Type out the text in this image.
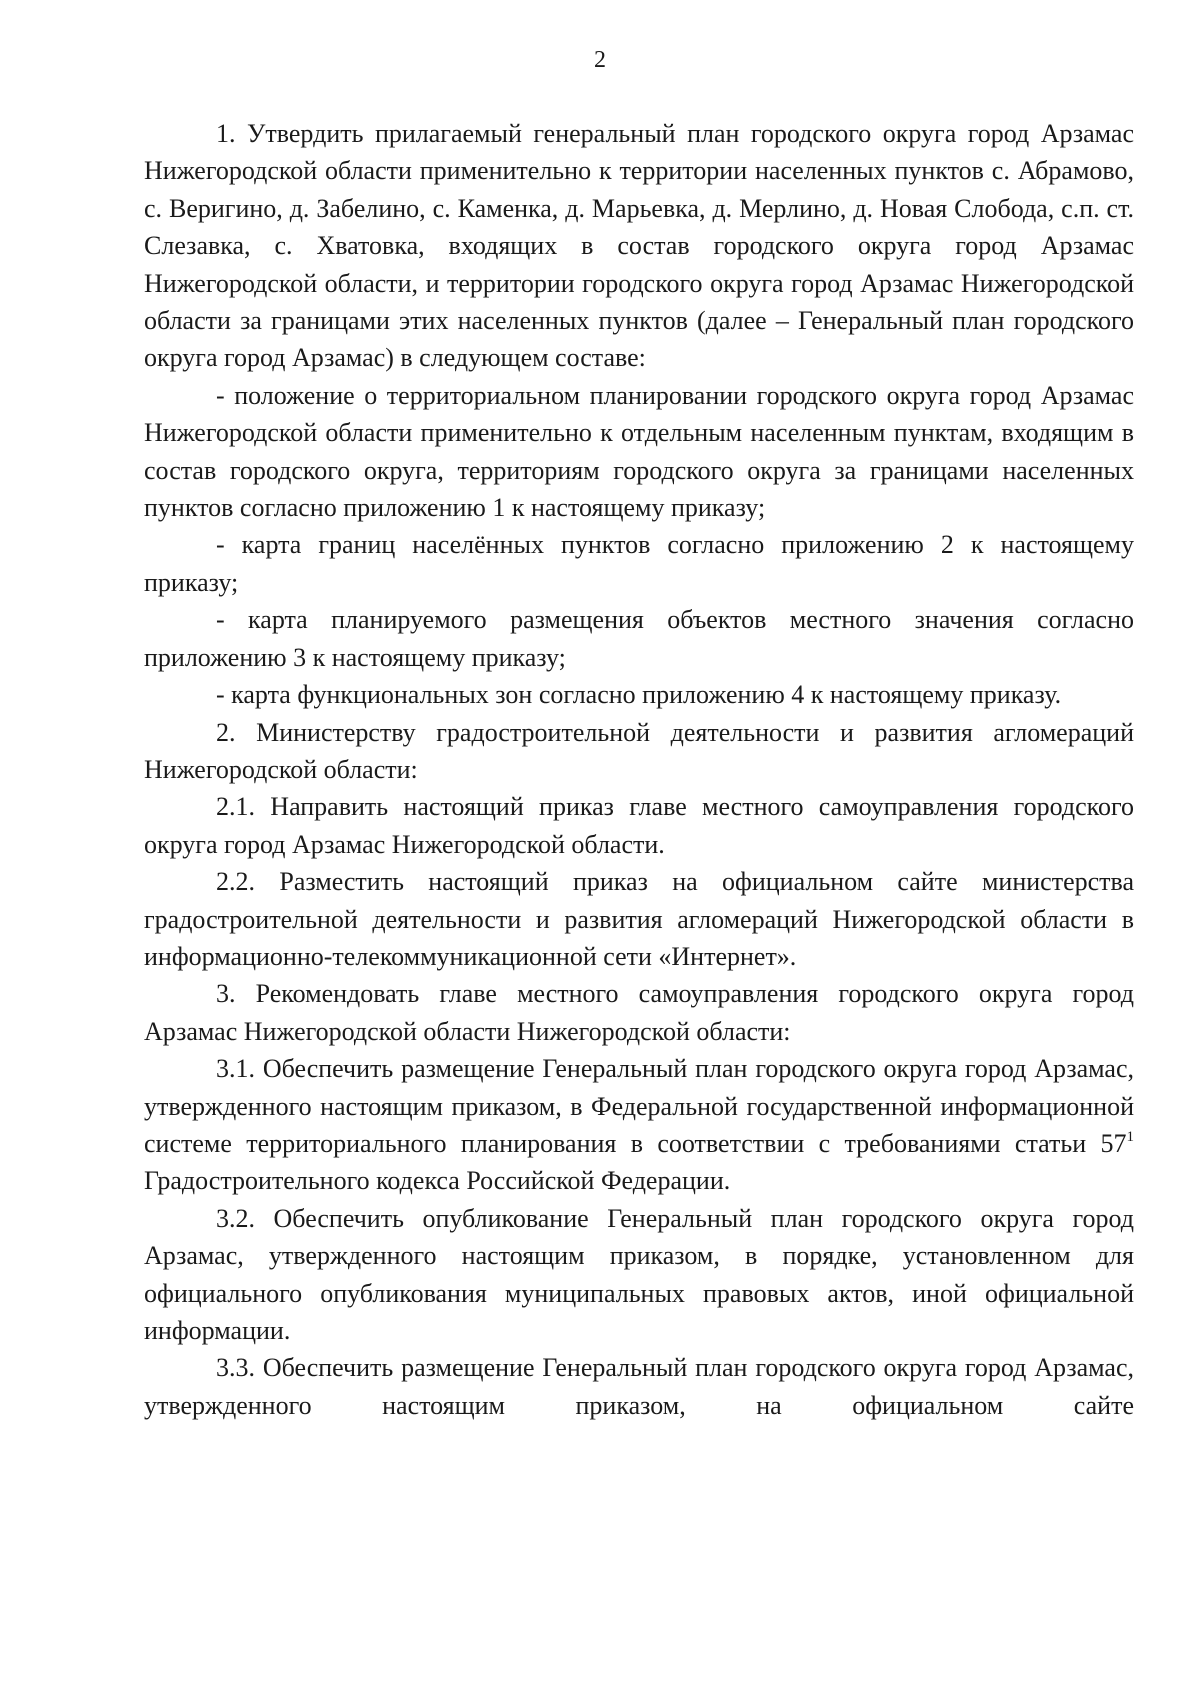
2

1. Утвердить прилагаемый генеральный план городского округа город Арзамас Нижегородской области применительно к территории населенных пунктов с. Абрамово, с. Веригино, д. Забелино, с. Каменка, д. Марьевка, д. Мерлино, д. Новая Слобода, с.п. ст. Слезавка, с. Хватовка, входящих в состав городского округа город Арзамас Нижегородской области, и территории городского округа город Арзамас Нижегородской области за границами этих населенных пунктов (далее – Генеральный план городского округа город Арзамас) в следующем составе:

- положение о территориальном планировании городского округа город Арзамас Нижегородской области применительно к отдельным населенным пунктам, входящим в состав городского округа, территориям городского округа за границами населенных пунктов согласно приложению 1 к настоящему приказу;

- карта границ населённых пунктов согласно приложению 2 к настоящему приказу;

- карта планируемого размещения объектов местного значения согласно приложению 3 к настоящему приказу;

- карта функциональных зон согласно приложению 4 к настоящему приказу.

2. Министерству градостроительной деятельности и развития агломераций Нижегородской области:

2.1. Направить настоящий приказ главе местного самоуправления городского округа город Арзамас Нижегородской области.

2.2. Разместить настоящий приказ на официальном сайте министерства градостроительной деятельности и развития агломераций Нижегородской области в информационно-телекоммуникационной сети «Интернет».

3. Рекомендовать главе местного самоуправления городского округа город Арзамас Нижегородской области Нижегородской области:

3.1. Обеспечить размещение Генеральный план городского округа город Арзамас, утвержденного настоящим приказом, в Федеральной государственной информационной системе территориального планирования в соответствии с требованиями статьи $57^1$ Градостроительного кодекса Российской Федерации.

3.2. Обеспечить опубликование Генеральный план городского округа город Арзамас, утвержденного настоящим приказом, в порядке, установленном для официального опубликования муниципальных правовых актов, иной официальной информации.

3.3. Обеспечить размещение Генеральный план городского округа город Арзамас, утвержденного настоящим приказом, на официальном сайте
